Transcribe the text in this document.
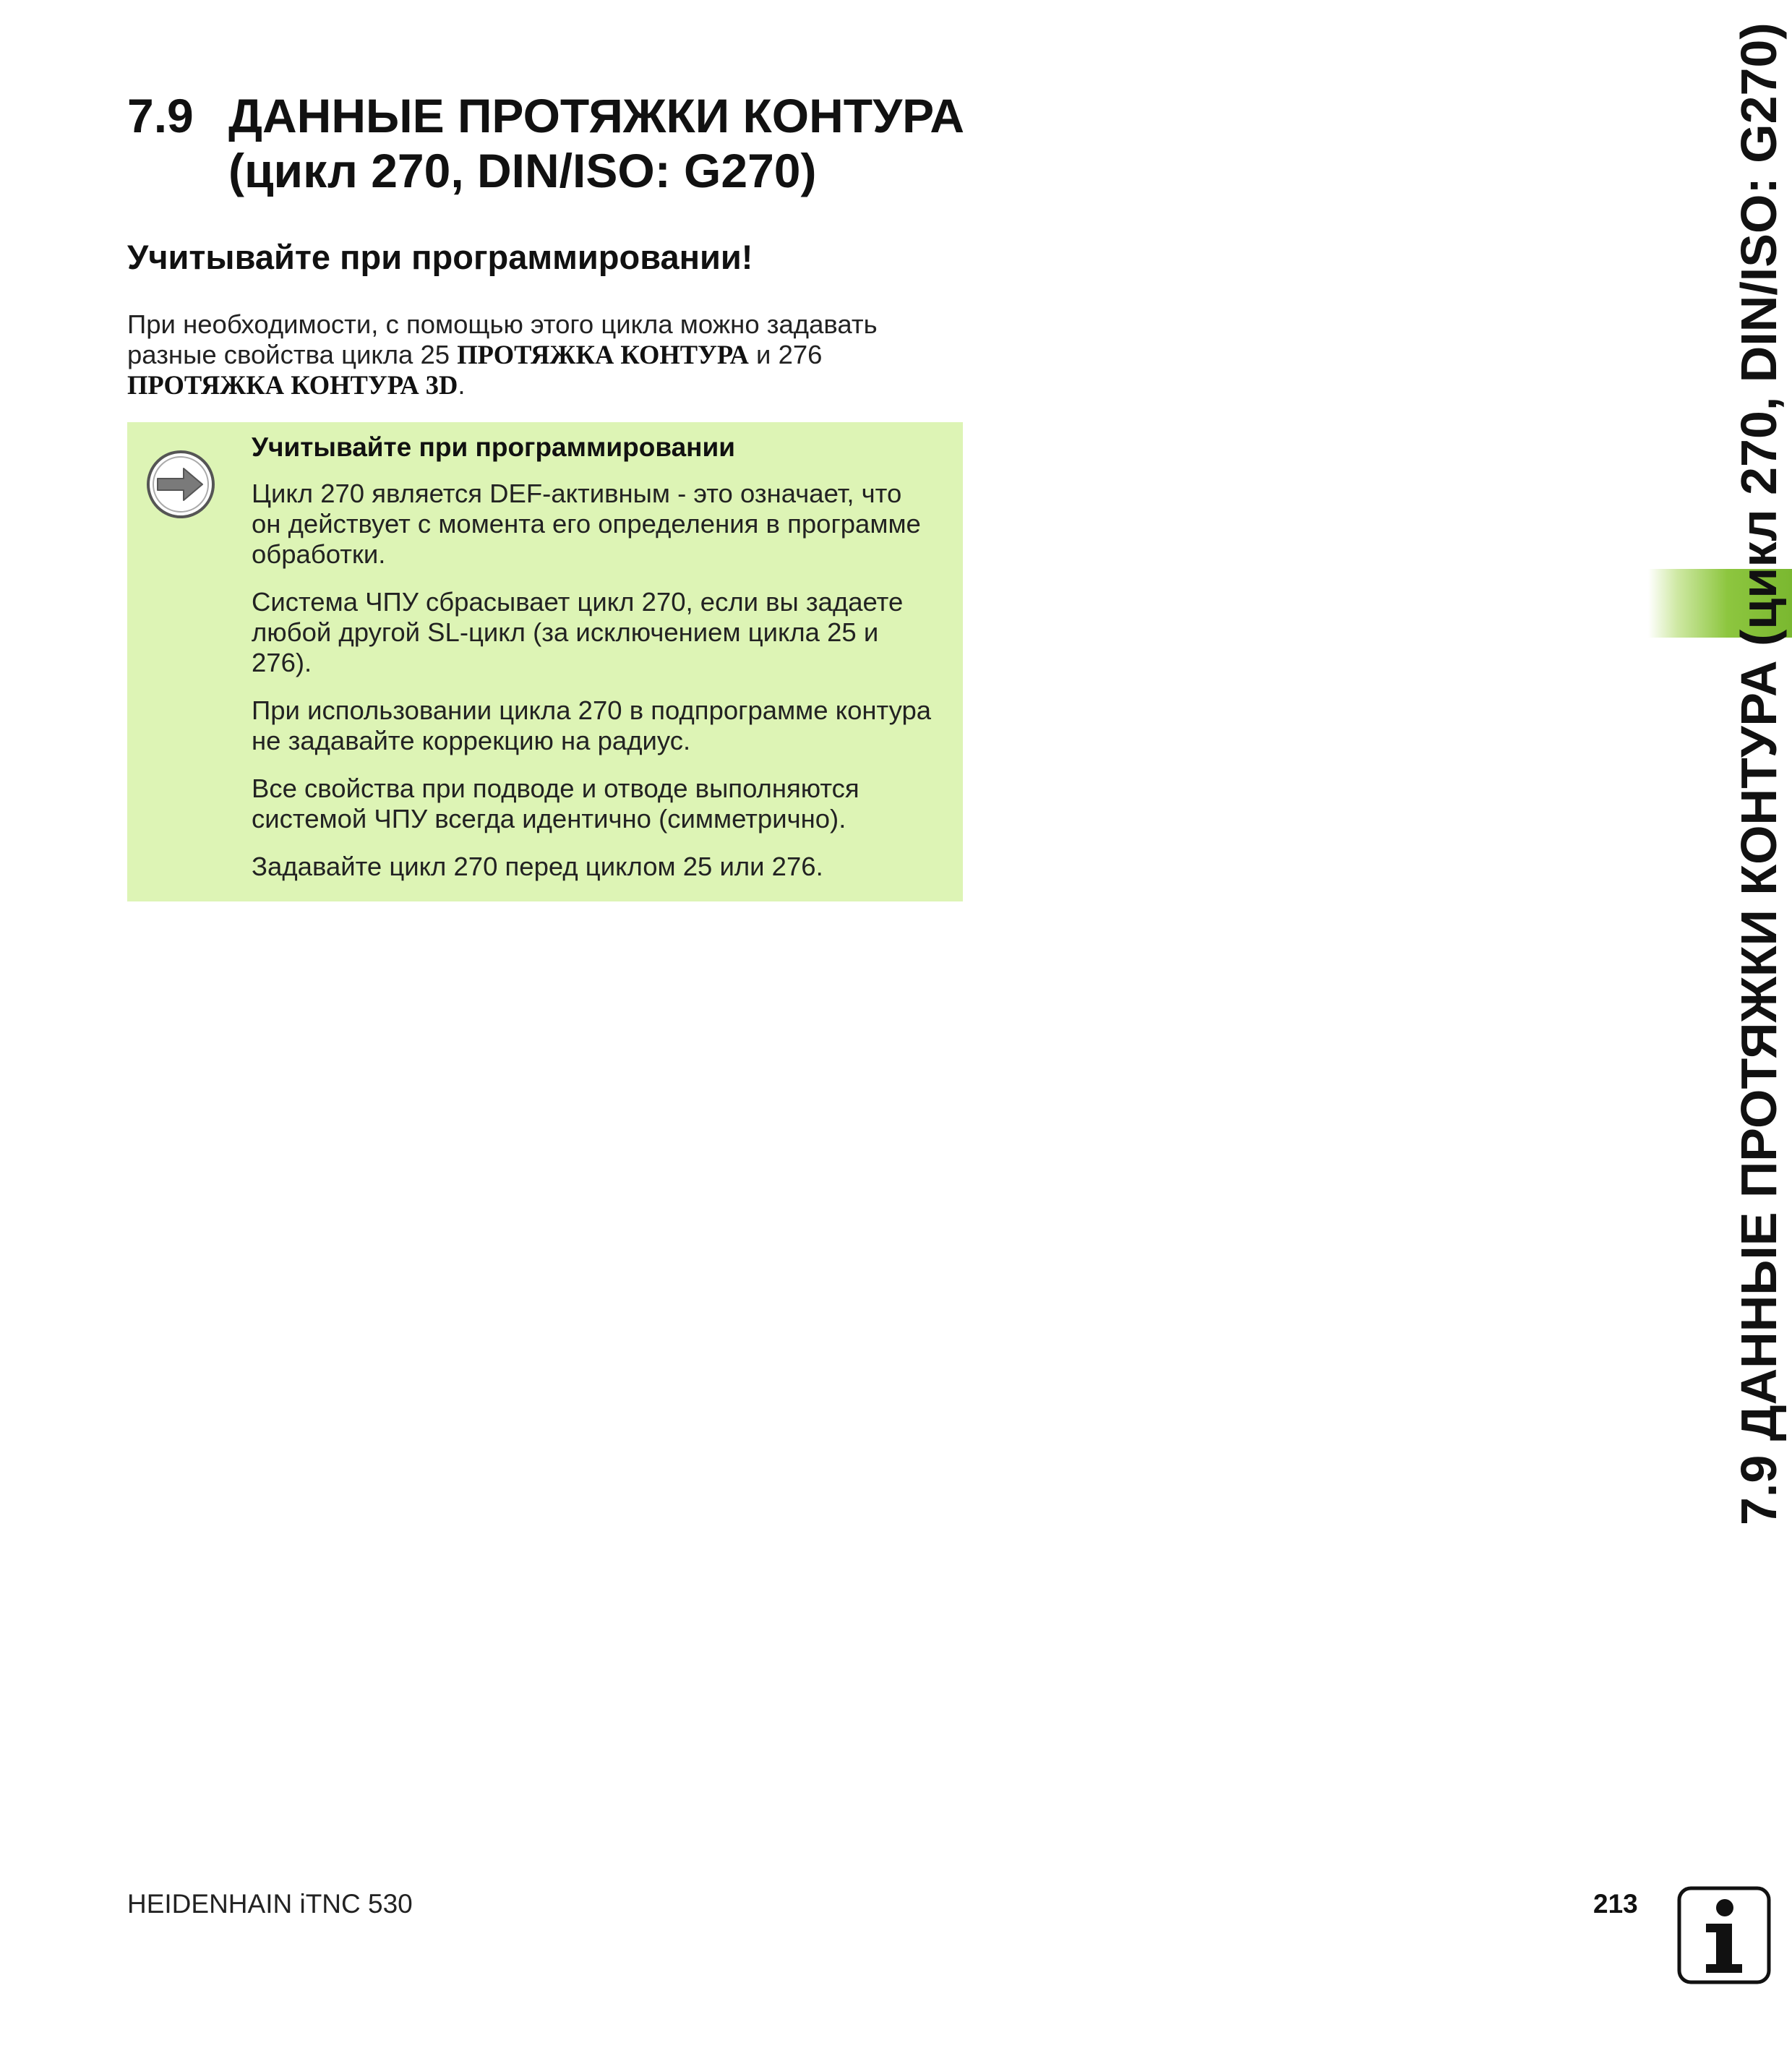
7.9 ДАННЫЕ ПРОТЯЖКИ КОНТУРА
(цикл 270, DIN/ISO: G270)
Учитывайте при программировании!

При необходимости, с помощью этого цикла можно задавать
разные свойства цикла 25 ПРОТЯЖКА КОНТУРА и 276
ПРОТЯЖКА КОНТУРА 3D.

Учитывайте при программировании

Цикл 270 является DEF-активным - это означает, что
он действует с момента его определения в программе
обработки.

Система ЧПУ сбрасывает цикл 270, если вы задаете
любой другой SL-цикл (за исключением цикла 25 и
276).

При использовании цикла 270 в подпрограмме контура
не задавайте коррекцию на радиус.

Все свойства при подводе и отводе выполняются
системой ЧПУ всегда идентично (симметрично).

Задавайте цикл 270 перед циклом 25 или 276.	7.9 ДАННЫЕ ПРОТЯЖКИ КОНТУРА (цикл 270, DIN/ISO: G270)
HEIDENHAIN iTNC 530	213
